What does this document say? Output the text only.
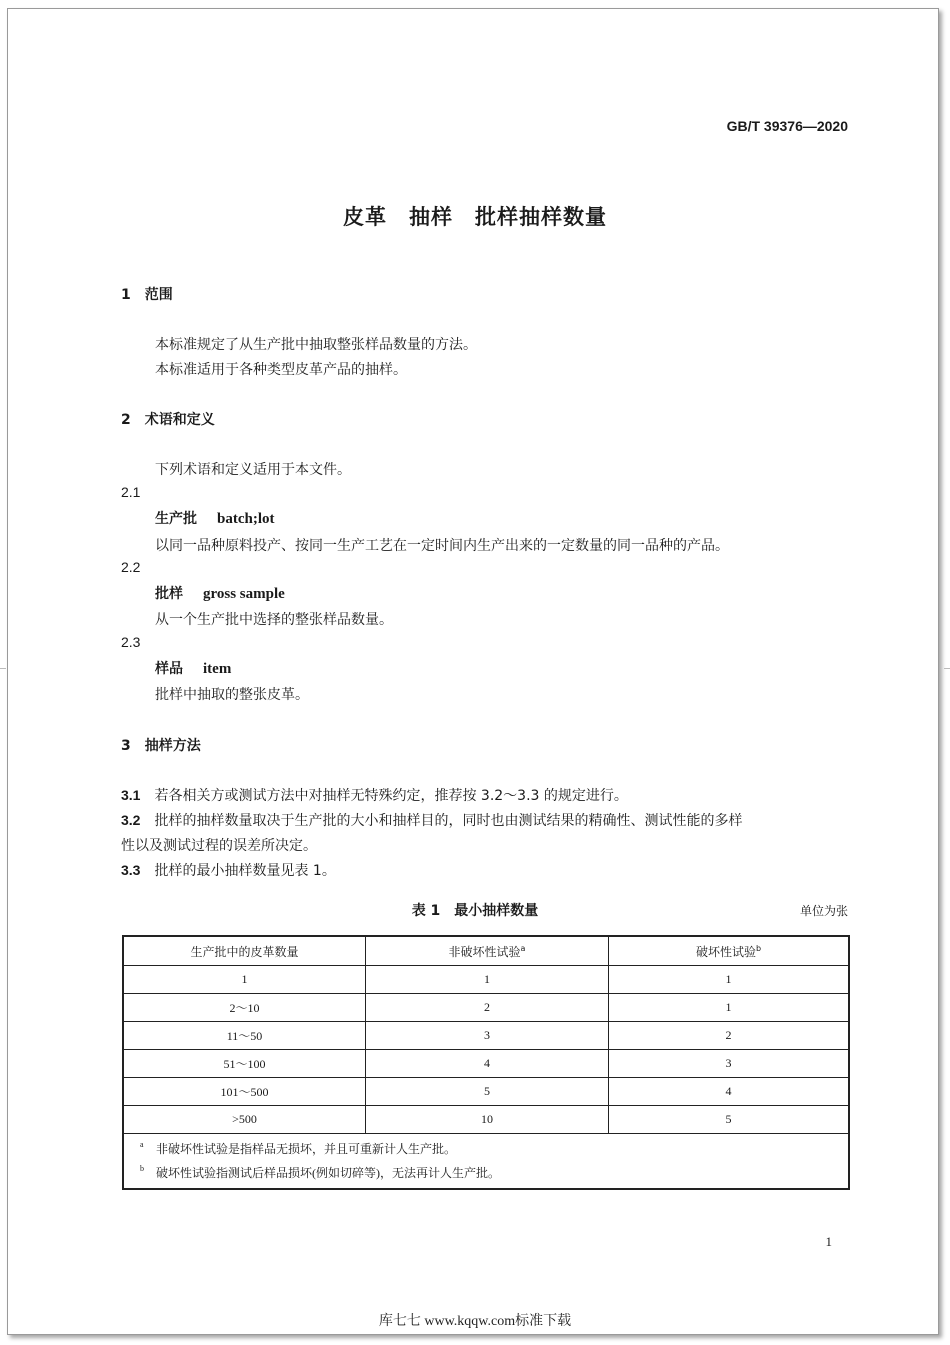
GB/T 39376—2020
皮革　抽样　批样抽样数量
1 范围
本标准规定了从生产批中抽取整张样品数量的方法。
本标准适用于各种类型皮革产品的抽样。
2 术语和定义
下列术语和定义适用于本文件。
2.1
生产批 batch;lot
以同一品种原料投产、按同一生产工艺在一定时间内生产出来的一定数量的同一品种的产品。
2.2
批样 gross sample
从一个生产批中选择的整张样品数量。
2.3
样品 item
批样中抽取的整张皮革。
3 抽样方法
3.1 若各相关方或测试方法中对抽样无特殊约定，推荐按 3.2～3.3 的规定进行。
3.2 批样的抽样数量取决于生产批的大小和抽样目的，同时也由测试结果的精确性、测试性能的多样
性以及测试过程的误差所决定。
3.3 批样的最小抽样数量见表 1。
表 1　最小抽样数量	单位为张
生产批中的皮革数量	非破坏性试验$^a$	破坏性试验$^b$
1	1	1
2～10	2	1
11～50	3	2
51～100	4	3
101～500	5	4
>500	10	5

a 非破坏性试验是指样品无损坏，并且可重新计人生产批。
b 破坏性试验指测试后样品损坏(例如切碎等)，无法再计人生产批。		
1
库七七 www.kqqw.com标准下载
